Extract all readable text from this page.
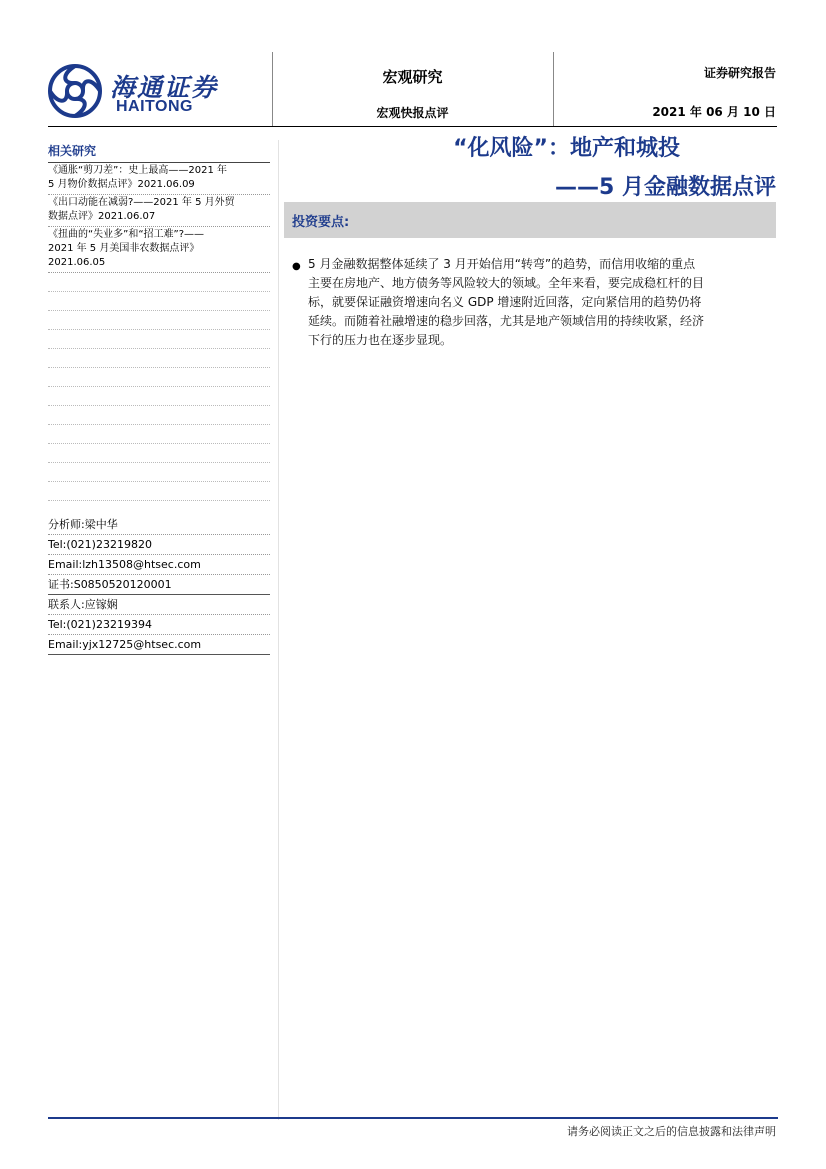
海通证券
HAITONG
宏观研究
宏观快报点评
证券研究报告
2021 年 06 月 10 日
相关研究
《通胀“剪刀差”：史上最高——2021 年
5 月物价数据点评》2021.06.09
《出口动能在减弱?——2021 年 5 月外贸
数据点评》2021.06.07
《扭曲的“失业多”和“招工难”?——
2021 年 5 月美国非农数据点评》
2021.06.05
分析师:梁中华
Tel:(021)23219820
Email:lzh13508@htsec.com
证书:S0850520120001
联系人:应镓娴
Tel:(021)23219394
Email:yjx12725@htsec.com
“化风险”：地产和城投
——5 月金融数据点评
投资要点:
● 5 月金融数据整体延续了 3 月开始信用“转弯”的趋势，而信用收缩的重点
主要在房地产、地方债务等风险较大的领域。全年来看，要完成稳杠杆的目
标，就要保证融资增速向名义 GDP 增速附近回落，定向紧信用的趋势仍将
延续。而随着社融增速的稳步回落，尤其是地产领域信用的持续收紧，经济
下行的压力也在逐步显现。
请务必阅读正文之后的信息披露和法律声明
